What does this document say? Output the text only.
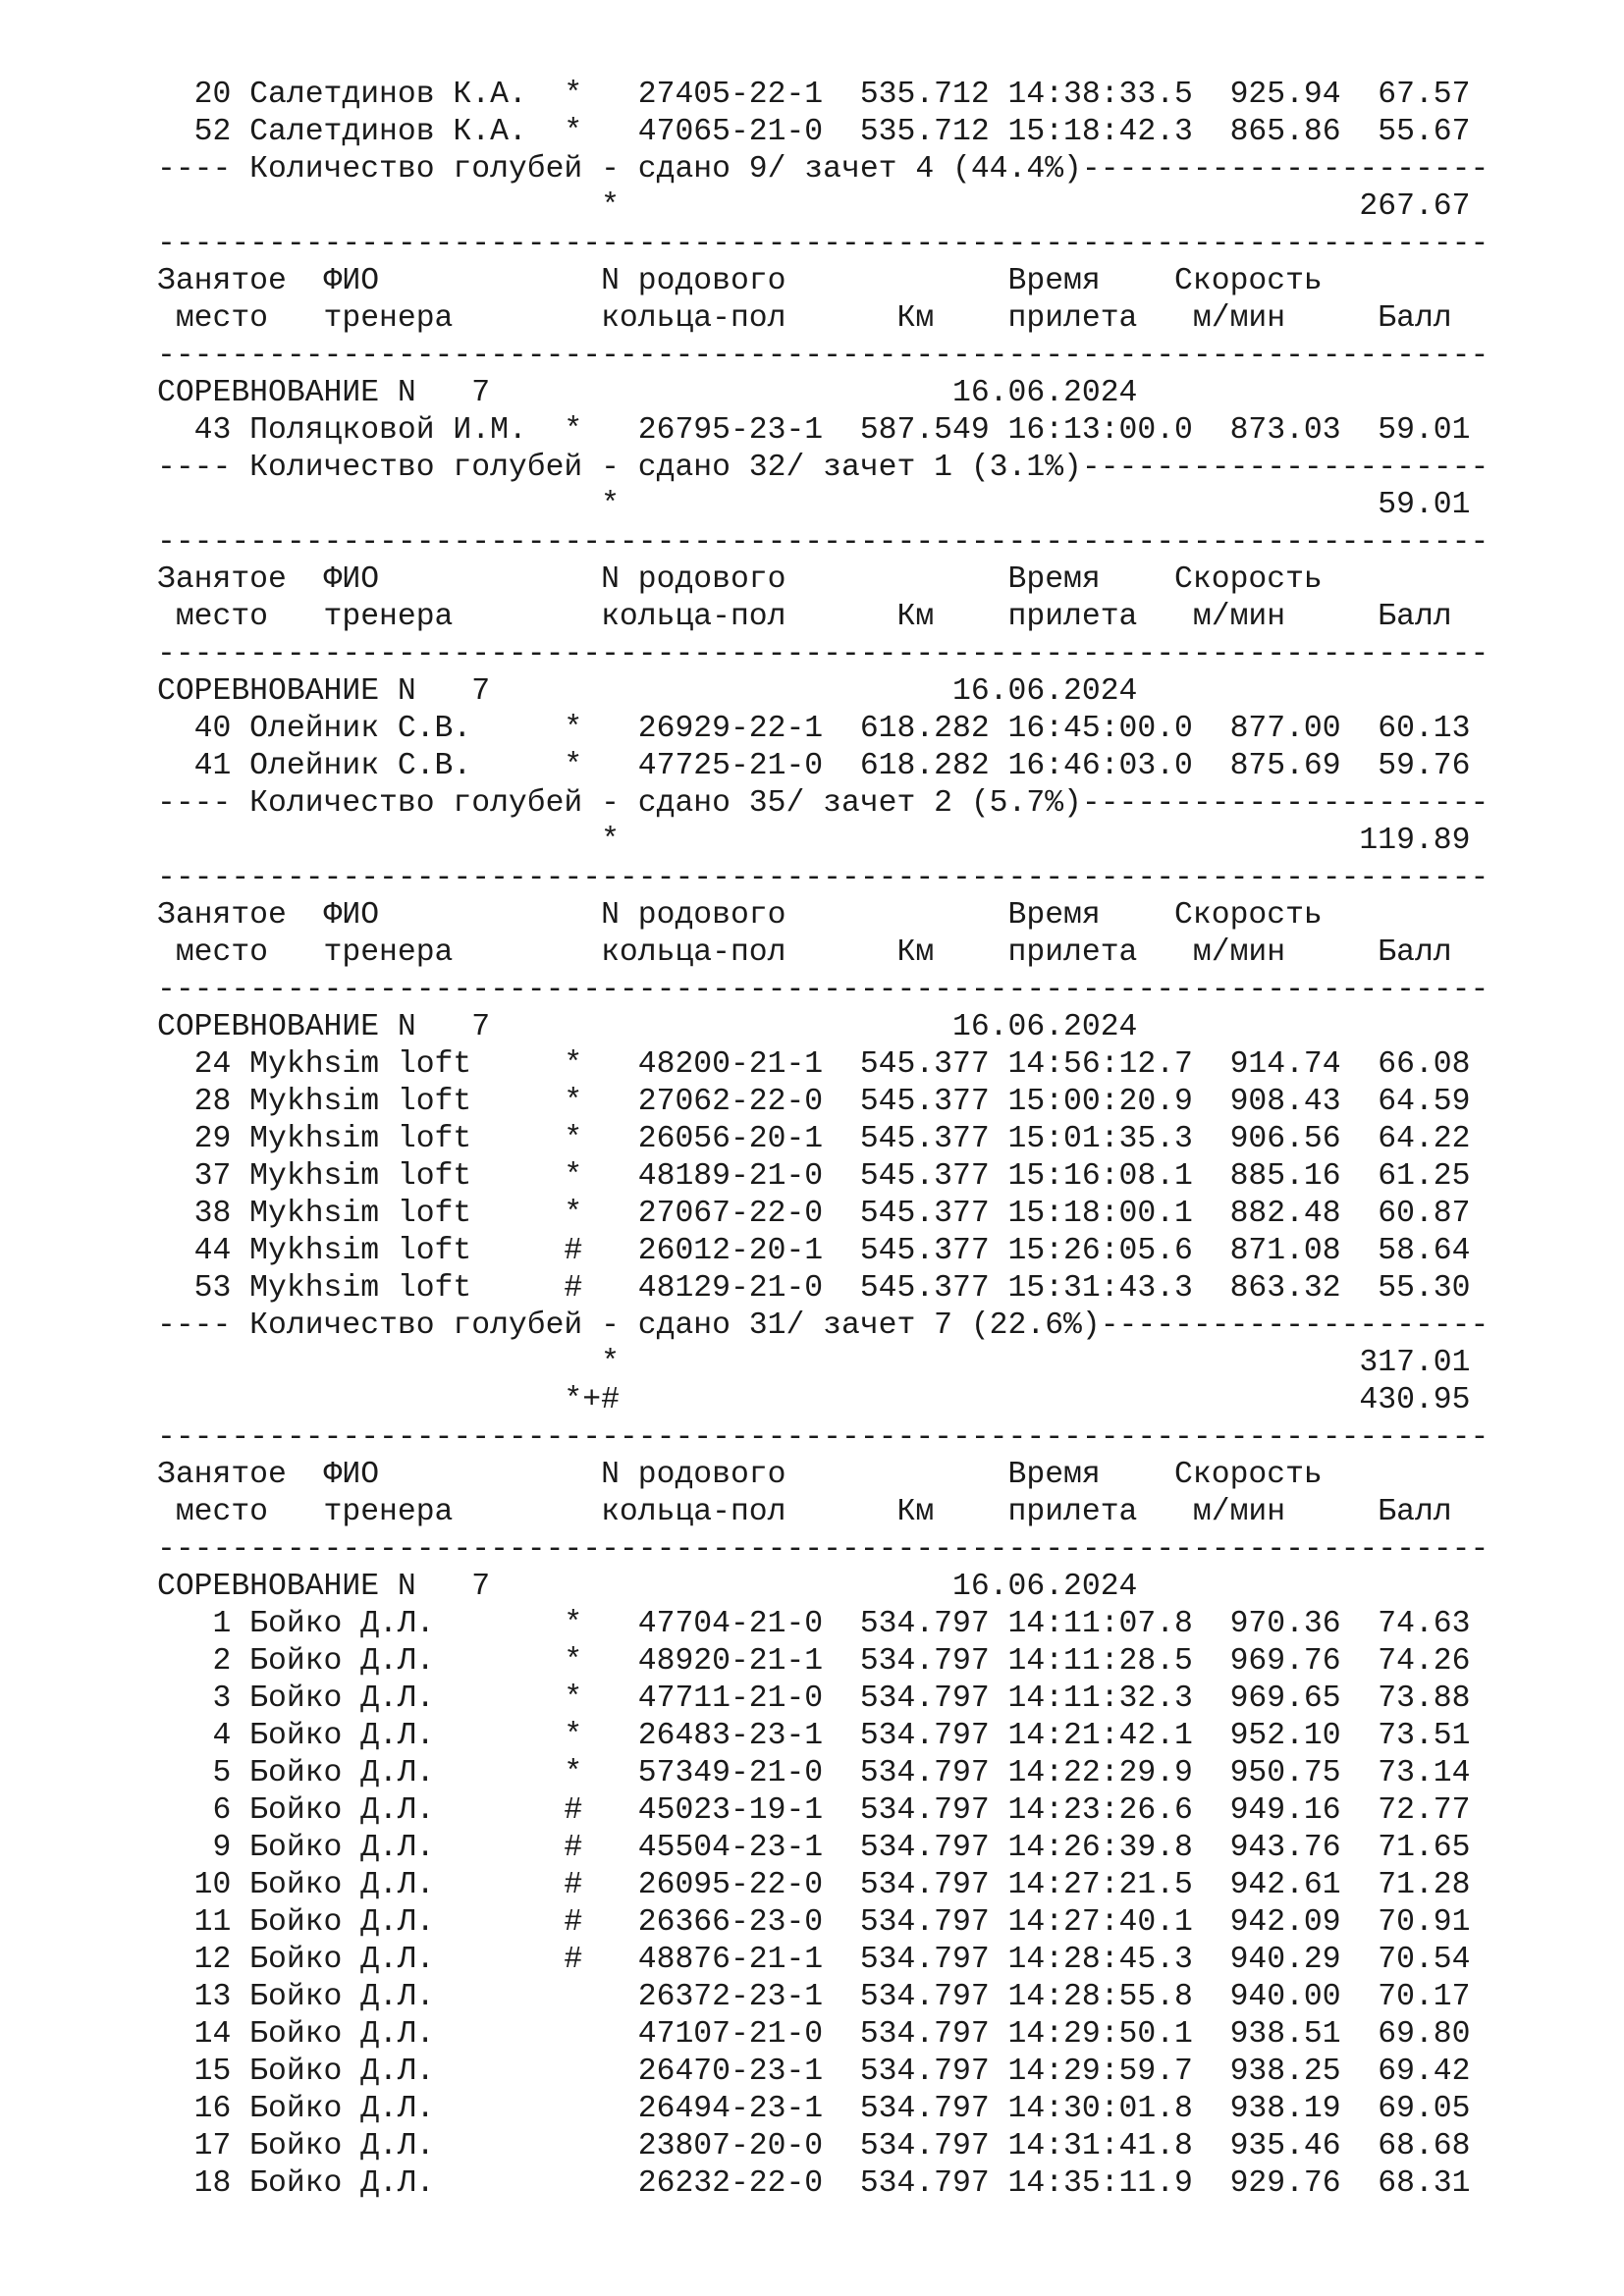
20 Салетдинов К.А.  *   27405-22-1  535.712 14:38:33.5  925.94  67.57
52 Салетдинов К.А.  *   47065-21-0  535.712 15:18:42.3  865.86  55.67
---- Количество голубей - сдано 9/ зачет 4 (44.4%)----------------------
*                                        267.67
------------------------------------------------------------------------
Занятое  ФИО            N родового            Время    Скорость
место   тренера        кольца-пол      Км    прилета   м/мин     Балл
------------------------------------------------------------------------
СОРЕВНОВАНИЕ N   7                         16.06.2024
43 Поляцковой И.М.  *   26795-23-1  587.549 16:13:00.0  873.03  59.01
---- Количество голубей - сдано 32/ зачет 1 (3.1%)----------------------
*                                         59.01
------------------------------------------------------------------------
Занятое  ФИО            N родового            Время    Скорость
место   тренера        кольца-пол      Км    прилета   м/мин     Балл
------------------------------------------------------------------------
СОРЕВНОВАНИЕ N   7                         16.06.2024
40 Олейник С.В.     *   26929-22-1  618.282 16:45:00.0  877.00  60.13
41 Олейник С.В.     *   47725-21-0  618.282 16:46:03.0  875.69  59.76
---- Количество голубей - сдано 35/ зачет 2 (5.7%)----------------------
*                                        119.89
------------------------------------------------------------------------
Занятое  ФИО            N родового            Время    Скорость
место   тренера        кольца-пол      Км    прилета   м/мин     Балл
------------------------------------------------------------------------
СОРЕВНОВАНИЕ N   7                         16.06.2024
24 Mykhsim loft     *   48200-21-1  545.377 14:56:12.7  914.74  66.08
28 Mykhsim loft     *   27062-22-0  545.377 15:00:20.9  908.43  64.59
29 Mykhsim loft     *   26056-20-1  545.377 15:01:35.3  906.56  64.22
37 Mykhsim loft     *   48189-21-0  545.377 15:16:08.1  885.16  61.25
38 Mykhsim loft     *   27067-22-0  545.377 15:18:00.1  882.48  60.87
44 Mykhsim loft     #   26012-20-1  545.377 15:26:05.6  871.08  58.64
53 Mykhsim loft     #   48129-21-0  545.377 15:31:43.3  863.32  55.30
---- Количество голубей - сдано 31/ зачет 7 (22.6%)---------------------
*                                        317.01
*+#                                        430.95
------------------------------------------------------------------------
Занятое  ФИО            N родового            Время    Скорость
место   тренера        кольца-пол      Км    прилета   м/мин     Балл
------------------------------------------------------------------------
СОРЕВНОВАНИЕ N   7                         16.06.2024
1 Бойко Д.Л.       *   47704-21-0  534.797 14:11:07.8  970.36  74.63
2 Бойко Д.Л.       *   48920-21-1  534.797 14:11:28.5  969.76  74.26
3 Бойко Д.Л.       *   47711-21-0  534.797 14:11:32.3  969.65  73.88
4 Бойко Д.Л.       *   26483-23-1  534.797 14:21:42.1  952.10  73.51
5 Бойко Д.Л.       *   57349-21-0  534.797 14:22:29.9  950.75  73.14
6 Бойко Д.Л.       #   45023-19-1  534.797 14:23:26.6  949.16  72.77
9 Бойко Д.Л.       #   45504-23-1  534.797 14:26:39.8  943.76  71.65
10 Бойко Д.Л.       #   26095-22-0  534.797 14:27:21.5  942.61  71.28
11 Бойко Д.Л.       #   26366-23-0  534.797 14:27:40.1  942.09  70.91
12 Бойко Д.Л.       #   48876-21-1  534.797 14:28:45.3  940.29  70.54
13 Бойко Д.Л.           26372-23-1  534.797 14:28:55.8  940.00  70.17
14 Бойко Д.Л.           47107-21-0  534.797 14:29:50.1  938.51  69.80
15 Бойко Д.Л.           26470-23-1  534.797 14:29:59.7  938.25  69.42
16 Бойко Д.Л.           26494-23-1  534.797 14:30:01.8  938.19  69.05
17 Бойко Д.Л.           23807-20-0  534.797 14:31:41.8  935.46  68.68
18 Бойко Д.Л.           26232-22-0  534.797 14:35:11.9  929.76  68.31
